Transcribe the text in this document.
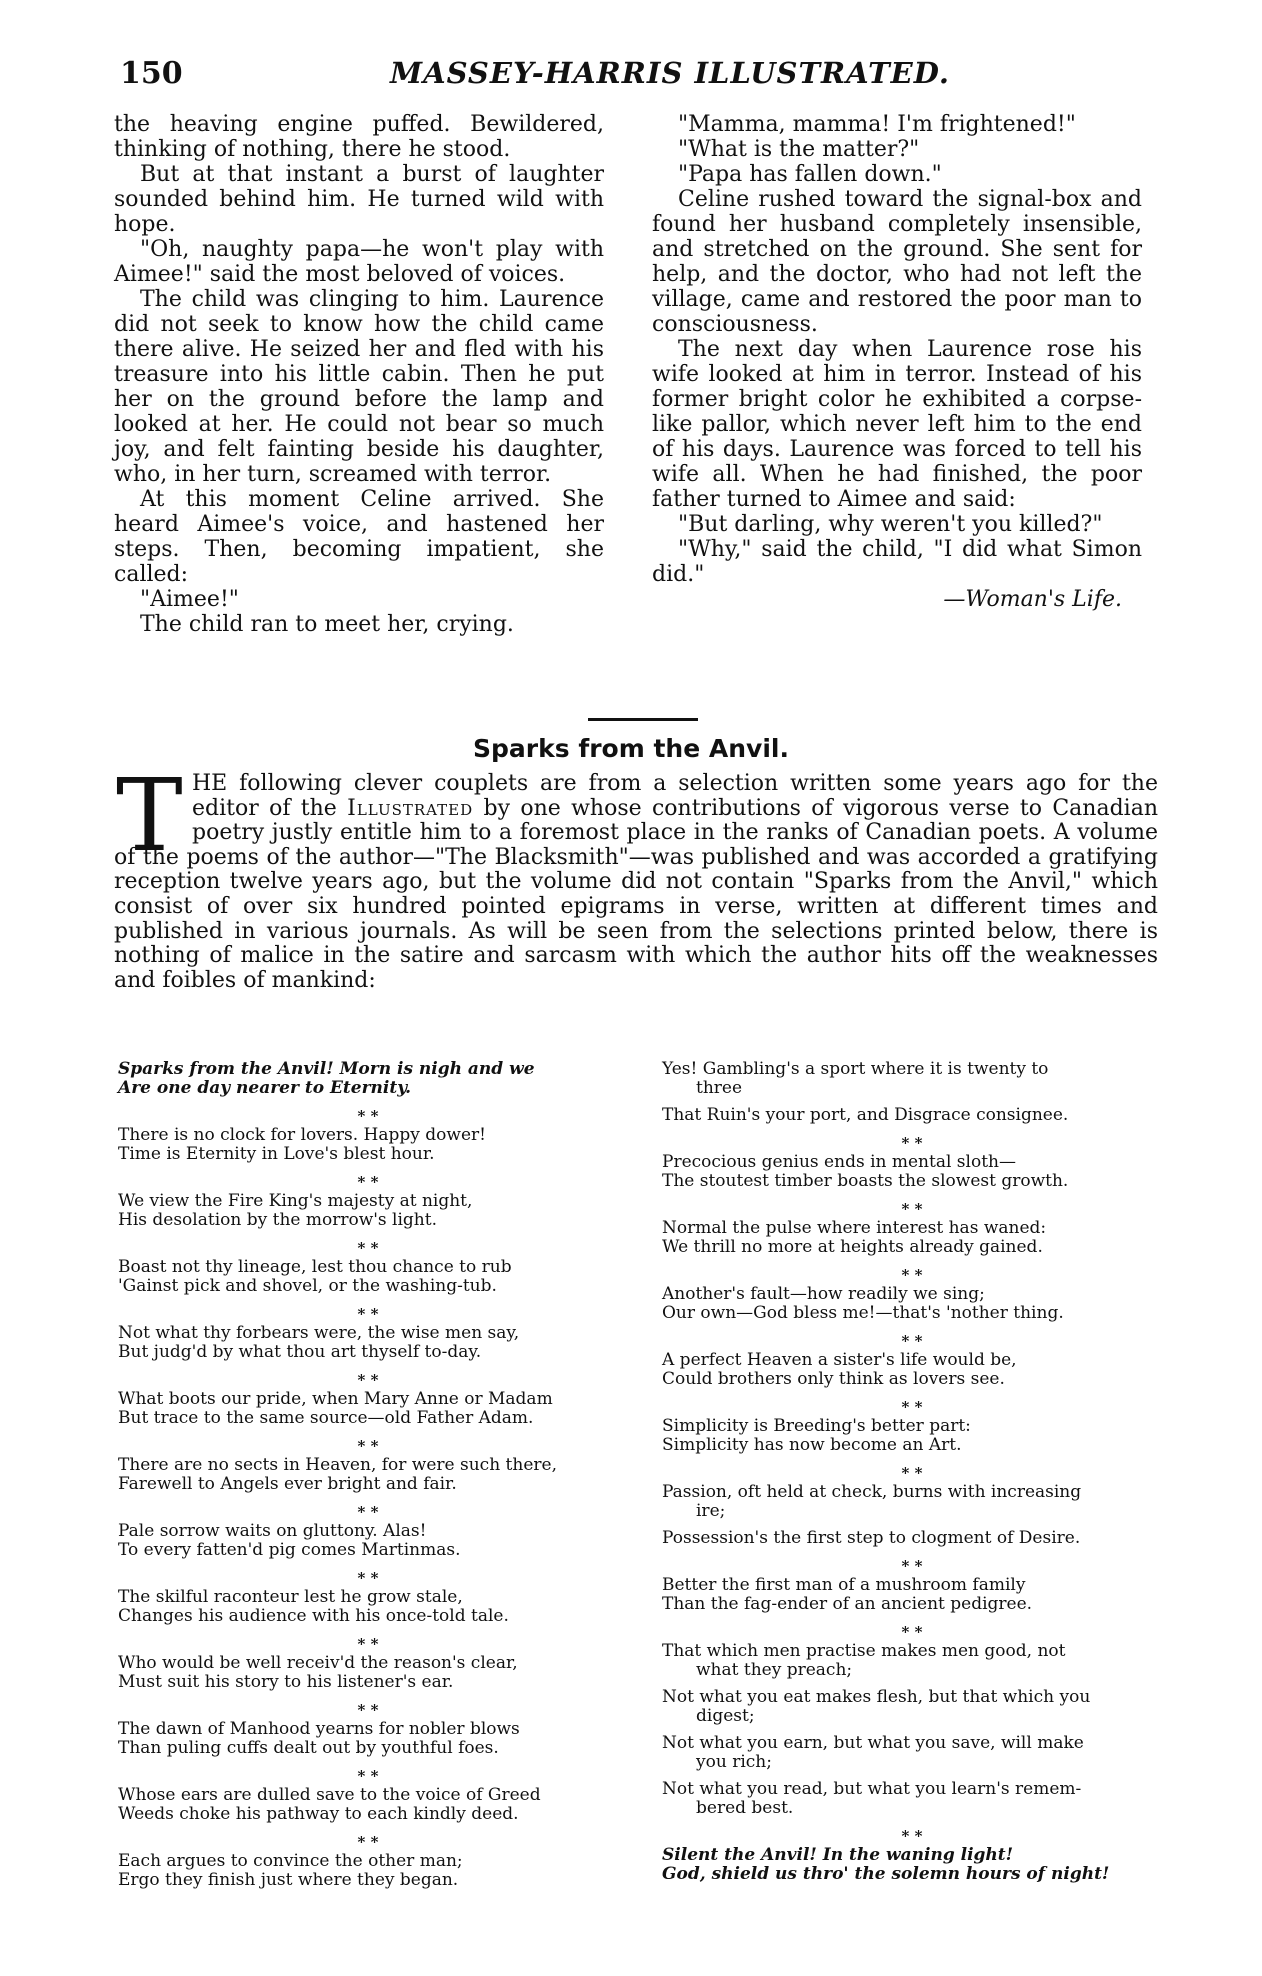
150	MASSEY-HARRIS ILLUSTRATED.

the heaving engine puffed. Bewildered, thinking of nothing, there he stood.

But at that instant a burst of laughter sounded behind him. He turned wild with hope.

"Oh, naughty papa—he won't play with Aimee!" said the most beloved of voices.

The child was clinging to him. Laurence did not seek to know how the child came there alive. He seized her and fled with his treasure into his little cabin. Then he put her on the ground before the lamp and looked at her. He could not bear so much joy, and felt fainting beside his daughter, who, in her turn, screamed with terror.

At this moment Celine arrived. She heard Aimee's voice, and hastened her steps. Then, becoming impatient, she called:

"Aimee!"

The child ran to meet her, crying.

"Mamma, mamma! I'm frightened!"

"What is the matter?"

"Papa has fallen down."

Celine rushed toward the signal-box and found her husband completely insensible, and stretched on the ground. She sent for help, and the doctor, who had not left the village, came and restored the poor man to consciousness.

The next day when Laurence rose his wife looked at him in terror. Instead of his former bright color he exhibited a corpse-like pallor, which never left him to the end of his days. Laurence was forced to tell his wife all. When he had finished, the poor father turned to Aimee and said:

"But darling, why weren't you killed?"

"Why," said the child, "I did what Simon did."

—Woman's Life.

Sparks from the Anvil.
T HE following clever couplets are from a selection written some years ago for the editor of the Illustrated by one whose contributions of vigorous verse to Canadian poetry justly entitle him to a foremost place in the ranks of Canadian poets. A volume of the poems of the author—"The Blacksmith"—was published and was accorded a gratifying reception twelve years ago, but the volume did not contain "Sparks from the Anvil," which consist of over six hundred pointed epigrams in verse, written at different times and published in various journals. As will be seen from the selections printed below, there is nothing of malice in the satire and sarcasm with which the author hits off the weaknesses and foibles of mankind:

Sparks from the Anvil! Morn is nigh and we
Are one day nearer to Eternity.

* *

There is no clock for lovers. Happy dower!
Time is Eternity in Love's blest hour.

* *

We view the Fire King's majesty at night,
His desolation by the morrow's light.

* *

Boast not thy lineage, lest thou chance to rub
'Gainst pick and shovel, or the washing-tub.

* *

Not what thy forbears were, the wise men say,
But judg'd by what thou art thyself to-day.

* *

What boots our pride, when Mary Anne or Madam
But trace to the same source—old Father Adam.

* *

There are no sects in Heaven, for were such there,
Farewell to Angels ever bright and fair.

* *

Pale sorrow waits on gluttony. Alas!
To every fatten'd pig comes Martinmas.

* *

The skilful raconteur lest he grow stale,
Changes his audience with his once-told tale.

* *

Who would be well receiv'd the reason's clear,
Must suit his story to his listener's ear.

* *

The dawn of Manhood yearns for nobler blows
Than puling cuffs dealt out by youthful foes.

* *

Whose ears are dulled save to the voice of Greed
Weeds choke his pathway to each kindly deed.

* *

Each argues to convince the other man;
Ergo they finish just where they began.

Yes! Gambling's a sport where it is twenty to
three

That Ruin's your port, and Disgrace consignee.

* *

Precocious genius ends in mental sloth—
The stoutest timber boasts the slowest growth.

* *

Normal the pulse where interest has waned:
We thrill no more at heights already gained.

* *

Another's fault—how readily we sing;
Our own—God bless me!—that's 'nother thing.

* *

A perfect Heaven a sister's life would be,
Could brothers only think as lovers see.

* *

Simplicity is Breeding's better part:
Simplicity has now become an Art.

* *

Passion, oft held at check, burns with increasing
ire;

Possession's the first step to clogment of Desire.

* *

Better the first man of a mushroom family
Than the fag-ender of an ancient pedigree.

* *

That which men practise makes men good, not
what they preach;

Not what you eat makes flesh, but that which you
digest;

Not what you earn, but what you save, will make
you rich;

Not what you read, but what you learn's remem-
bered best.

* *

Silent the Anvil! In the waning light!
God, shield us thro' the solemn hours of night!
